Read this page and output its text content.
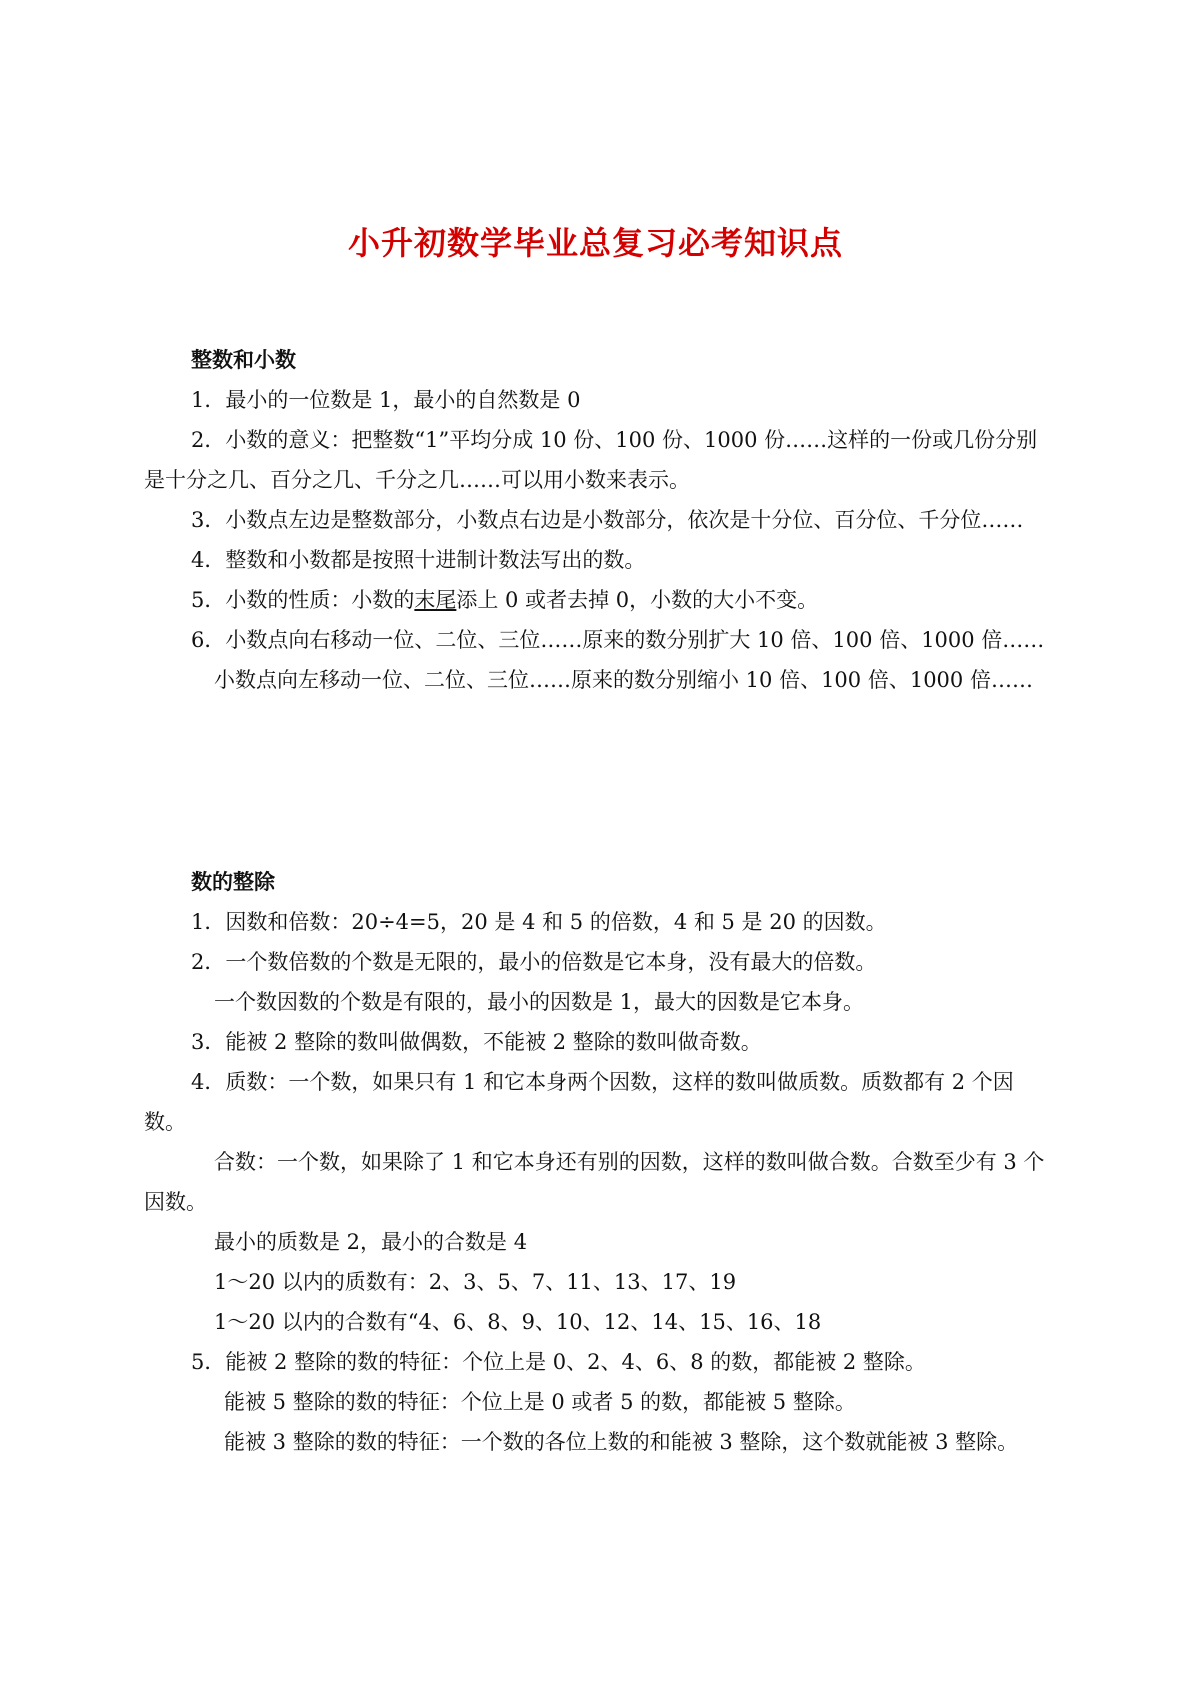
小升初数学毕业总复习必考知识点
整数和小数

1．最小的一位数是 1，最小的自然数是 0

2．小数的意义：把整数“1”平均分成 10 份、100 份、1000 份……这样的一份或几份分别是十分之几、百分之几、千分之几……可以用小数来表示。

3．小数点左边是整数部分，小数点右边是小数部分，依次是十分位、百分位、千分位……

4．整数和小数都是按照十进制计数法写出的数。

5．小数的性质：小数的末尾添上 0 或者去掉 0，小数的大小不变。

6．小数点向右移动一位、二位、三位……原来的数分别扩大 10 倍、100 倍、1000 倍……

小数点向左移动一位、二位、三位……原来的数分别缩小 10 倍、100 倍、1000 倍……

数的整除

1．因数和倍数：20÷4=5，20 是 4 和 5 的倍数，4 和 5 是 20 的因数。

2．一个数倍数的个数是无限的，最小的倍数是它本身，没有最大的倍数。

一个数因数的个数是有限的，最小的因数是 1，最大的因数是它本身。

3．能被 2 整除的数叫做偶数，不能被 2 整除的数叫做奇数。

4．质数：一个数，如果只有 1 和它本身两个因数，这样的数叫做质数。质数都有 2 个因数。

合数：一个数，如果除了 1 和它本身还有别的因数，这样的数叫做合数。合数至少有 3 个因数。

最小的质数是 2，最小的合数是 4
1～20 以内的质数有：2、3、5、7、11、13、17、19
1～20 以内的合数有“4、6、8、9、10、12、14、15、16、18

5．能被 2 整除的数的特征：个位上是 0、2、4、6、8 的数，都能被 2 整除。

能被 5 整除的数的特征：个位上是 0 或者 5 的数，都能被 5 整除。

能被 3 整除的数的特征：一个数的各位上数的和能被 3 整除，这个数就能被 3 整除。
